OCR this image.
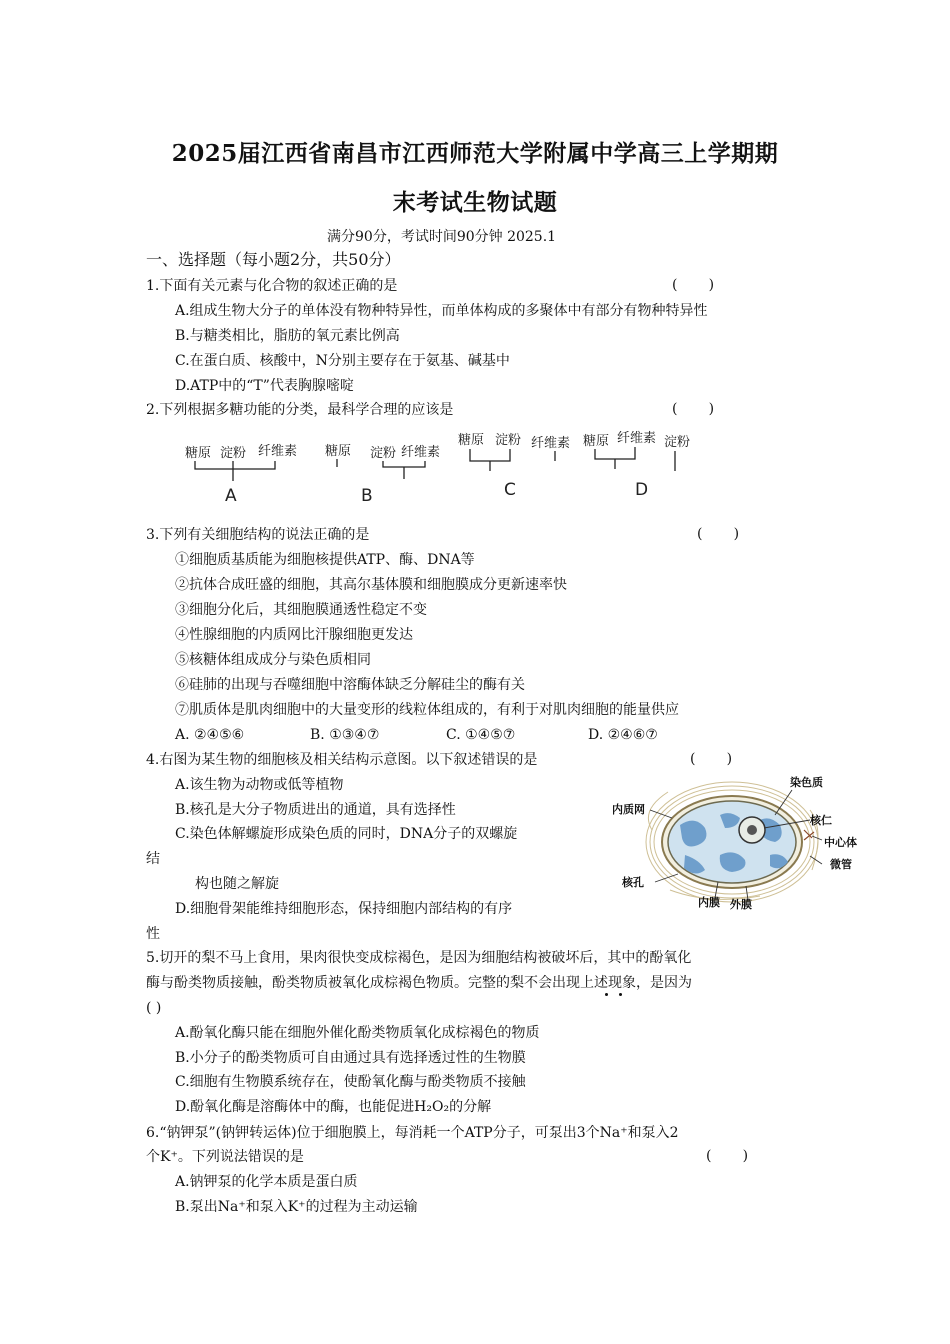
2025届江西省南昌市江西师范大学附属中学高三上学期期
末考试生物试题
满分90分，考试时间90分钟 2025.1
一、选择题（每小题2分，共50分）
1.下面有关元素与化合物的叙述正确的是	(       )
A.组成生物大分子的单体没有物种特异性，而单体构成的多聚体中有部分有物种特异性
B.与糖类相比，脂肪的氧元素比例高
C.在蛋白质、核酸中，N分别主要存在于氨基、碱基中
D.ATP中的“T”代表胸腺嘧啶
2.下列根据多糖功能的分类，最科学合理的应该是	(       )
糖原 淀粉 纤维素 糖原 淀粉 纤维素
糖原 淀粉 纤维素 糖原 纤维素 淀粉
A	B	C	D
3.下列有关细胞结构的说法正确的是	(       )
①细胞质基质能为细胞核提供ATP、酶、DNA等
②抗体合成旺盛的细胞，其高尔基体膜和细胞膜成分更新速率快
③细胞分化后，其细胞膜通透性稳定不变
④性腺细胞的内质网比汗腺细胞更发达
⑤核糖体组成成分与染色质相同
⑥硅肺的出现与吞噬细胞中溶酶体缺乏分解硅尘的酶有关
⑦肌质体是肌肉细胞中的大量变形的线粒体组成的，有利于对肌肉细胞的能量供应
A. ②④⑤⑥	B. ①③④⑦	C. ①④⑤⑦	D. ②④⑥⑦
4.右图为某生物的细胞核及相关结构示意图。以下叙述错误的是	(       )
A.该生物为动物或低等植物
B.核孔是大分子物质进出的通道，具有选择性
C.染色体解螺旋形成染色质的同时，DNA分子的双螺旋
结
构也随之解旋
D.细胞骨架能维持细胞形态，保持细胞内部结构的有序
性
染色质
内质网
核仁
中心体
微管
核孔
内膜 外膜
5.切开的梨不马上食用，果肉很快变成棕褐色，是因为细胞结构被破坏后，其中的酚氧化
酶与酚类物质接触，酚类物质被氧化成棕褐色物质。完整的梨不会出现上述现象，是因为
( )
A.酚氧化酶只能在细胞外催化酚类物质氧化成棕褐色的物质
B.小分子的酚类物质可自由通过具有选择透过性的生物膜
C.细胞有生物膜系统存在，使酚氧化酶与酚类物质不接触
D.酚氧化酶是溶酶体中的酶，也能促进H₂O₂的分解
6.“钠钾泵”(钠钾转运体)位于细胞膜上，每消耗一个ATP分子，可泵出3个Na⁺和泵入2
个K⁺。下列说法错误的是	(       )
A.钠钾泵的化学本质是蛋白质
B.泵出Na⁺和泵入K⁺的过程为主动运输
